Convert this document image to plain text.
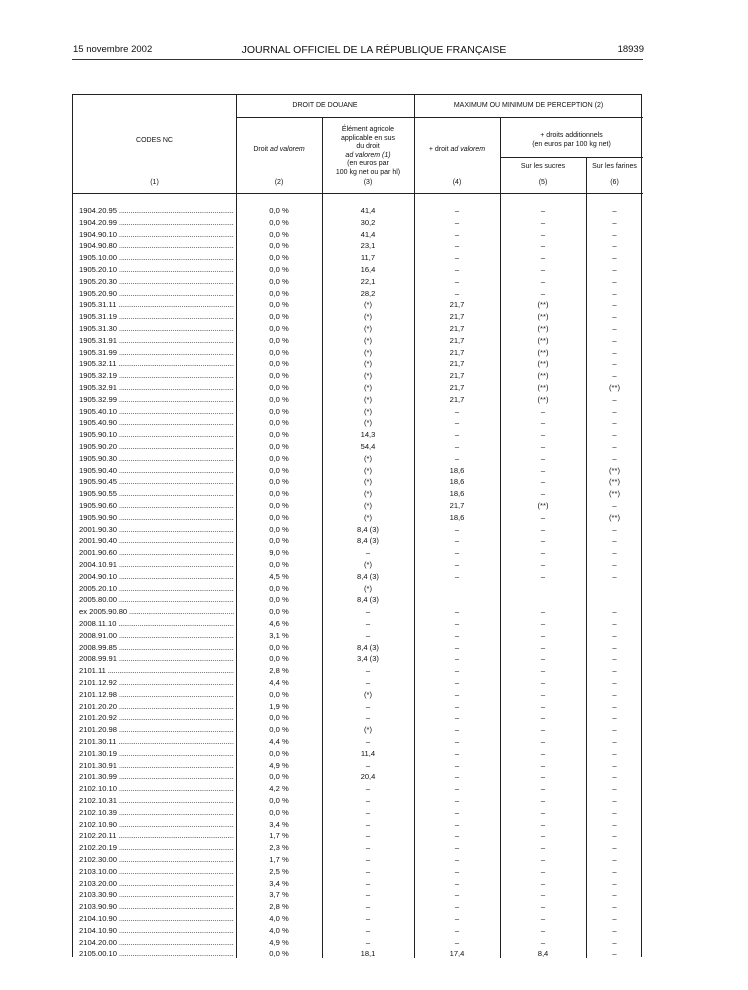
15 novembre 2002	JOURNAL OFFICIEL DE LA RÉPUBLIQUE FRANÇAISE	18939
DROIT DE DOUANE	MAXIMUM OU MINIMUM DE PERCEPTION (2)
CODES NC
Droit ad valorem
Élément agricole
applicable en sus
du droit
ad valorem (1)
(en euros par
100 kg net ou par hl)
+ droit ad valorem
+ droits additionnels
(en euros par 100 kg net)
Sur les sucres	Sur les farines
(1)	(2)	(3)	(4)	(5)	(6)
1904.20.95 .....	0,0 %	41,4	–	–	–
1904.20.99 .....	0,0 %	30,2	–	–	–
1904.90.10 .....	0,0 %	41,4	–	–	–
1904.90.80 .....	0,0 %	23,1	–	–	–
1905.10.00 .....	0,0 %	11,7	–	–	–
1905.20.10 .....	0,0 %	16,4	–	–	–
1905.20.30 .....	0,0 %	22,1	–	–	–
1905.20.90 .....	0,0 %	28,2	–	–	–
1905.31.11 .....	0,0 %	(*)	21,7	(**)	–
1905.31.19 .....	0,0 %	(*)	21,7	(**)	–
1905.31.30 .....	0,0 %	(*)	21,7	(**)	–
1905.31.91 .....	0,0 %	(*)	21,7	(**)	–
1905.31.99 .....	0,0 %	(*)	21,7	(**)	–
1905.32.11 .....	0,0 %	(*)	21,7	(**)	–
1905.32.19 .....	0,0 %	(*)	21,7	(**)	–
1905.32.91 .....	0,0 %	(*)	21,7	(**)	(**)
1905.32.99 .....	0,0 %	(*)	21,7	(**)	–
1905.40.10 .....	0,0 %	(*)	–	–	–
1905.40.90 .....	0,0 %	(*)	–	–	–
1905.90.10 .....	0,0 %	14,3	–	–	–
1905.90.20 .....	0,0 %	54,4	–	–	–
1905.90.30 .....	0,0 %	(*)	–	–	–
1905.90.40 .....	0,0 %	(*)	18,6	–	(**)
1905.90.45 .....	0,0 %	(*)	18,6	–	(**)
1905.90.55 .....	0,0 %	(*)	18,6	–	(**)
1905.90.60 .....	0,0 %	(*)	21,7	(**)	–
1905.90.90 .....	0,0 %	(*)	18,6	–	(**)
2001.90.30 .....	0,0 %	8,4 (3)	–	–	–
2001.90.40 .....	0,0 %	8,4 (3)	–	–	–
2001.90.60 .....	9,0 %	–	–	–	–
2004.10.91 .....	0,0 %	(*)	–	–	–
2004.90.10 .....	4,5 %	8,4 (3)	–	–	–
2005.20.10 .....	0,0 %	(*)
2005.80.00 .....	0,0 %	8,4 (3)
ex 2005.90.80 .....	0,0 %	–	–	–	–
2008.11.10 .....	4,6 %	–	–	–	–
2008.91.00 .....	3,1 %	–	–	–	–
2008.99.85 .....	0,0 %	8,4 (3)	–	–	–
2008.99.91 .....	0,0 %	3,4 (3)	–	–	–
2101.11 .....	2,8 %	–	–	–	–
2101.12.92 .....	4,4 %	–	–	–	–
2101.12.98 .....	0,0 %	(*)	–	–	–
2101.20.20 .....	1,9 %	–	–	–	–
2101.20.92 .....	0,0 %	–	–	–	–
2101.20.98 .....	0,0 %	(*)	–	–	–
2101.30.11 .....	4,4 %	–	–	–	–
2101.30.19 .....	0,0 %	11,4	–	–	–
2101.30.91 .....	4,9 %	–	–	–	–
2101.30.99 .....	0,0 %	20,4	–	–	–
2102.10.10 .....	4,2 %	–	–	–	–
2102.10.31 .....	0,0 %	–	–	–	–
2102.10.39 .....	0,0 %	–	–	–	–
2102.10.90 .....	3,4 %	–	–	–	–
2102.20.11 .....	1,7 %	–	–	–	–
2102.20.19 .....	2,3 %	–	–	–	–
2102.30.00 .....	1,7 %	–	–	–	–
2103.10.00 .....	2,5 %	–	–	–	–
2103.20.00 .....	3,4 %	–	–	–	–
2103.30.90 .....	3,7 %	–	–	–	–
2103.90.90 .....	2,8 %	–	–	–	–
2104.10.90 .....	4,0 %	–	–	–	–
2104.10.90 .....	4,0 %	–	–	–	–
2104.20.00 .....	4,9 %	–	–	–	–
2105.00.10 .....	0,0 %	18,1	17,4	8,4	–
